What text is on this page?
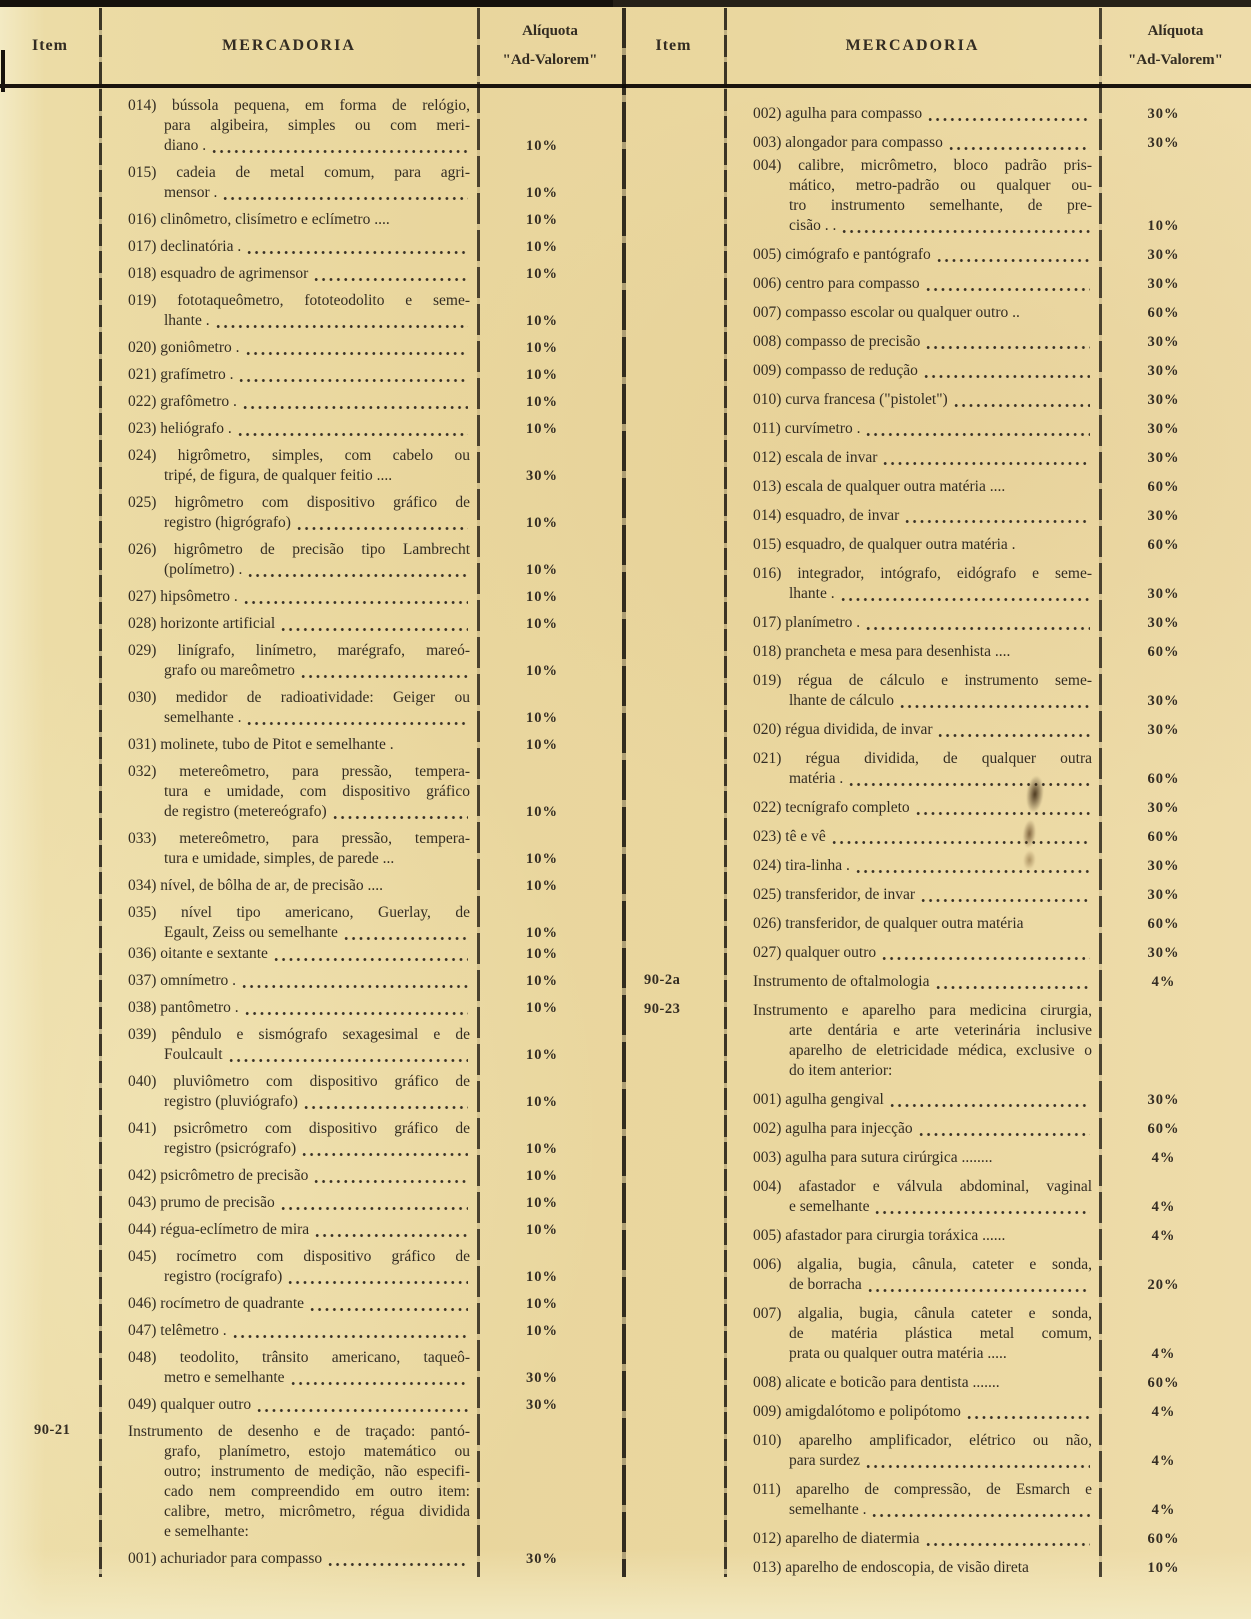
Item	MERCADORIA
Alíquota
"Ad-Valorem"
014) bússola pequena, em forma de relógio,
para algibeira, simples ou com meri-
diano .	10%
015) cadeia de metal comum, para agri-
mensor .	10%
016) clinômetro, clisímetro e eclímetro ....	10%
017) declinatória .	10%
018) esquadro de agrimensor	10%
019) fototaqueômetro, fototeodolito e seme-
lhante .	10%
020) goniômetro .	10%
021) grafímetro .	10%
022) grafômetro .	10%
023) heliógrafo .	10%
024) higrômetro, simples, com cabelo ou
tripé, de figura, de qualquer feitio ....	30%
025) higrômetro com dispositivo gráfico de
registro (higrógrafo)	10%
026) higrômetro de precisão tipo Lambrecht
(polímetro) .	10%
027) hipsômetro .	10%
028) horizonte artificial	10%
029) linígrafo, linímetro, marégrafo, mareó-
grafo ou mareômetro	10%
030) medidor de radioatividade: Geiger ou
semelhante .	10%
031) molinete, tubo de Pitot e semelhante .	10%
032) metereômetro, para pressão, tempera-
tura e umidade, com dispositivo gráfico
de registro (metereógrafo)	10%
033) metereômetro, para pressão, tempera-
tura e umidade, simples, de parede ...	10%
034) nível, de bôlha de ar, de precisão ....	10%
035) nível tipo americano, Guerlay, de
Egault, Zeiss ou semelhante	10%
036) oitante e sextante	10%
037) omnímetro .	10%
038) pantômetro .	10%
039) pêndulo e sismógrafo sexagesimal e de
Foulcault	10%
040) pluviômetro com dispositivo gráfico de
registro (pluviógrafo)	10%
041) psicrômetro com dispositivo gráfico de
registro (psicrógrafo)	10%
042) psicrômetro de precisão	10%
043) prumo de precisão	10%
044) régua-eclímetro de mira	10%
045) rocímetro com dispositivo gráfico de
registro (rocígrafo)	10%
046) rocímetro de quadrante	10%
047) telêmetro .	10%
048) teodolito, trânsito americano, taqueô-
metro e semelhante	30%
049) qualquer outro	30%
90-21	Instrumento de desenho e de traçado: pantó-
grafo, planímetro, estojo matemático ou
outro; instrumento de medição, não especifi-
cado nem compreendido em outro item:
calibre, metro, micrômetro, régua dividida
e semelhante:
001) achuriador para compasso	30%
Item	MERCADORIA
Alíquota
"Ad-Valorem"
002) agulha para compasso	30%
003) alongador para compasso	30%
004) calibre, micrômetro, bloco padrão pris-
mático, metro-padrão ou qualquer ou-
tro instrumento semelhante, de pre-
cisão . .	10%
005) cimógrafo e pantógrafo	30%
006) centro para compasso	30%
007) compasso escolar ou qualquer outro ..	60%
008) compasso de precisão	30%
009) compasso de redução	30%
010) curva francesa ("pistolet")	30%
011) curvímetro .	30%
012) escala de invar	30%
013) escala de qualquer outra matéria ....	60%
014) esquadro, de invar	30%
015) esquadro, de qualquer outra matéria .	60%
016) integrador, intógrafo, eidógrafo e seme-
lhante .	30%
017) planímetro .	30%
018) prancheta e mesa para desenhista ....	60%
019) régua de cálculo e instrumento seme-
lhante de cálculo	30%
020) régua dividida, de invar	30%
021) régua dividida, de qualquer outra
matéria .	60%
022) tecnígrafo completo	30%
023) tê e vê	60%
024) tira-linha .	30%
025) transferidor, de invar	30%
026) transferidor, de qualquer outra matéria	60%
027) qualquer outro	30%
90-2a	Instrumento de oftalmologia	4%
90-23	Instrumento e aparelho para medicina cirurgia,
arte dentária e arte veterinária inclusive
aparelho de eletricidade médica, exclusive o
do item anterior:
001) agulha gengival	30%
002) agulha para injecção	60%
003) agulha para sutura cirúrgica ........	4%
004) afastador e válvula abdominal, vaginal
e semelhante	4%
005) afastador para cirurgia toráxica ......	4%
006) algalia, bugia, cânula, cateter e sonda,
de borracha	20%
007) algalia, bugia, cânula cateter e sonda,
de matéria plástica metal comum,
prata ou qualquer outra matéria .....	4%
008) alicate e boticão para dentista .......	60%
009) amigdalótomo e polipótomo	4%
010) aparelho amplificador, elétrico ou não,
para surdez	4%
011) aparelho de compressão, de Esmarch e
semelhante .	4%
012) aparelho de diatermia	60%
013) aparelho de endoscopia, de visão direta	10%
